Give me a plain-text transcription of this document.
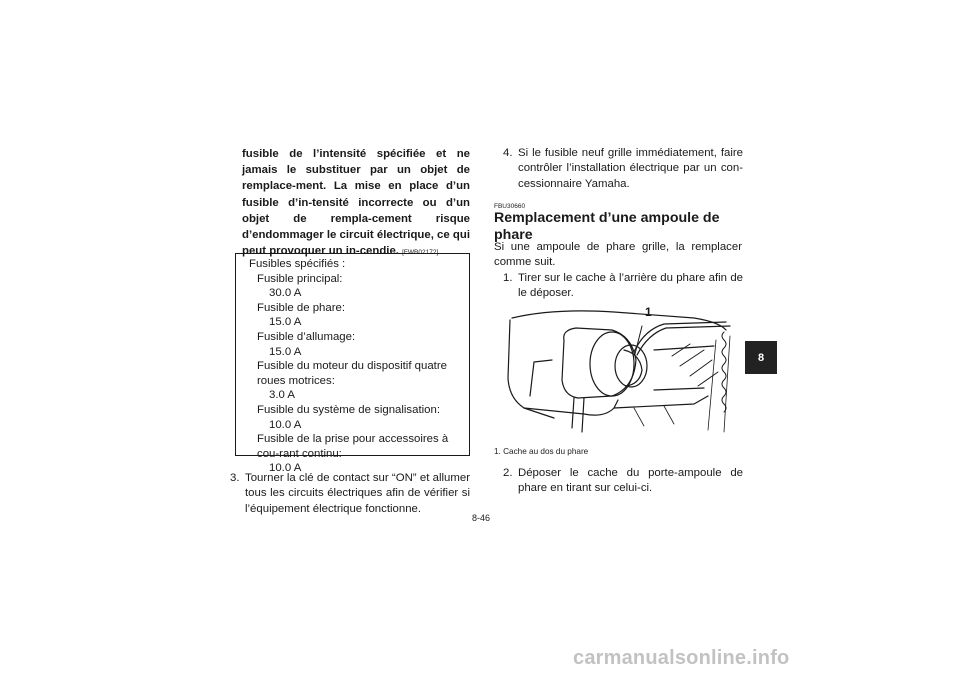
fusible de l’intensité spécifiée et ne jamais le substituer par un objet de remplace-ment. La mise en place d’un fusible d’in-tensité incorrecte ou d’un objet de rempla-cement risque d’endommager le circuit électrique, ce qui peut provoquer un in-cendie. [FWB02172]

Fusibles spécifiés :

Fusible principal:

30.0 A

Fusible de phare:

15.0 A

Fusible d’allumage:

15.0 A

Fusible du moteur du dispositif quatre roues motrices:

3.0 A

Fusible du système de signalisation:

10.0 A

Fusible de la prise pour accessoires à cou-rant continu:

10.0 A

3. Tourner la clé de contact sur “ON” et allumer tous les circuits électriques afin de vérifier si l’équipement électrique fonctionne.
4. Si le fusible neuf grille immédiatement, faire contrôler l’installation électrique par un con-cessionnaire Yamaha.

FBU30660

Remplacement d’une ampoule de phare

Si une ampoule de phare grille, la remplacer comme suit.

1. Tirer sur le cache à l’arrière du phare afin de le déposer.

1

1. Cache au dos du phare

2. Déposer le cache du porte-ampoule de phare en tirant sur celui-ci.

8-46

8

carmanualsonline.info
